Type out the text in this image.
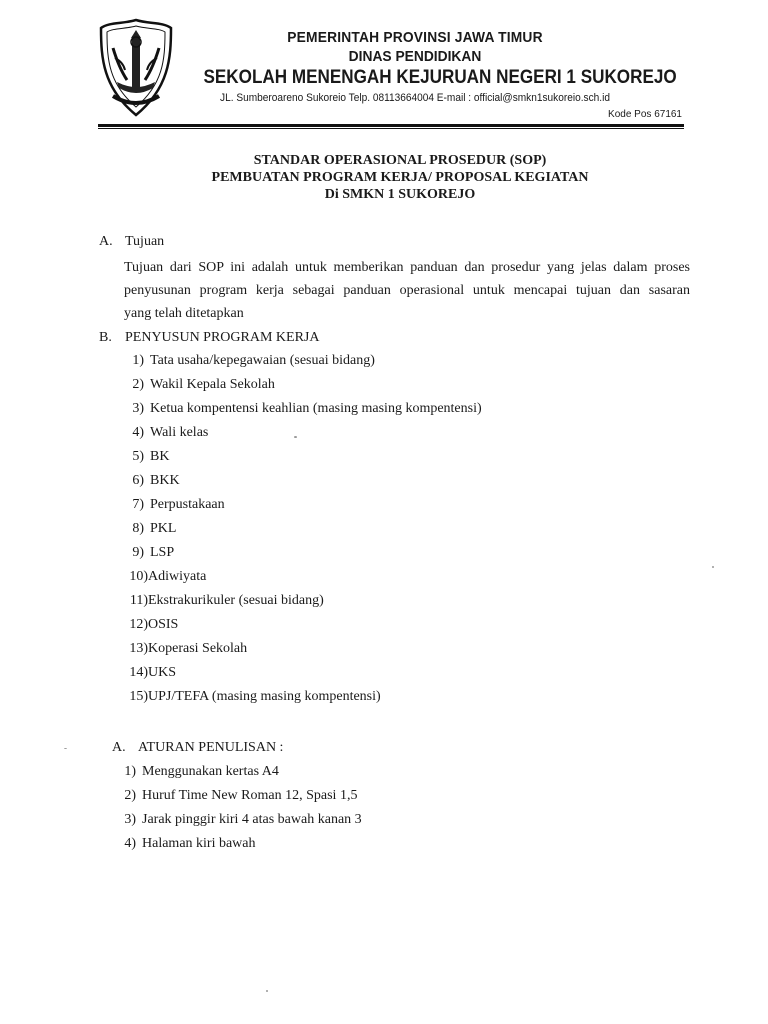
PEMERINTAH PROVINSI JAWA TIMUR
DINAS PENDIDIKAN
SEKOLAH MENENGAH KEJURUAN NEGERI 1 SUKOREJO
JL. Sumberoareno Sukoreio Telp. 08113664004 E-mail : official@smkn1sukoreio.sch.id
Kode Pos 67161
STANDAR OPERASIONAL PROSEDUR (SOP)
PEMBUATAN PROGRAM KERJA/ PROPOSAL KEGIATAN
Di SMKN 1 SUKOREJO
A. Tujuan
Tujuan dari SOP ini adalah untuk memberikan panduan dan prosedur yang jelas dalam proses
penyusunan program kerja sebagai panduan operasional untuk mencapai tujuan dan sasaran
yang telah ditetapkan
B. PENYUSUN PROGRAM KERJA
1) Tata usaha/kepegawaian (sesuai bidang)
2) Wakil Kepala Sekolah
3) Ketua kompentensi keahlian (masing masing kompentensi)
4) Wali kelas
5) BK
6) BKK
7) Perpustakaan
8) PKL
9) LSP
10)Adiwiyata
11)Ekstrakurikuler (sesuai bidang)
12)OSIS
13)Koperasi Sekolah
14)UKS
15)UPJ/TEFA (masing masing kompentensi)
A. ATURAN PENULISAN :
1) Menggunakan kertas A4
2) Huruf Time New Roman 12, Spasi 1,5
3) Jarak pinggir kiri 4 atas bawah kanan 3
4) Halaman kiri bawah
